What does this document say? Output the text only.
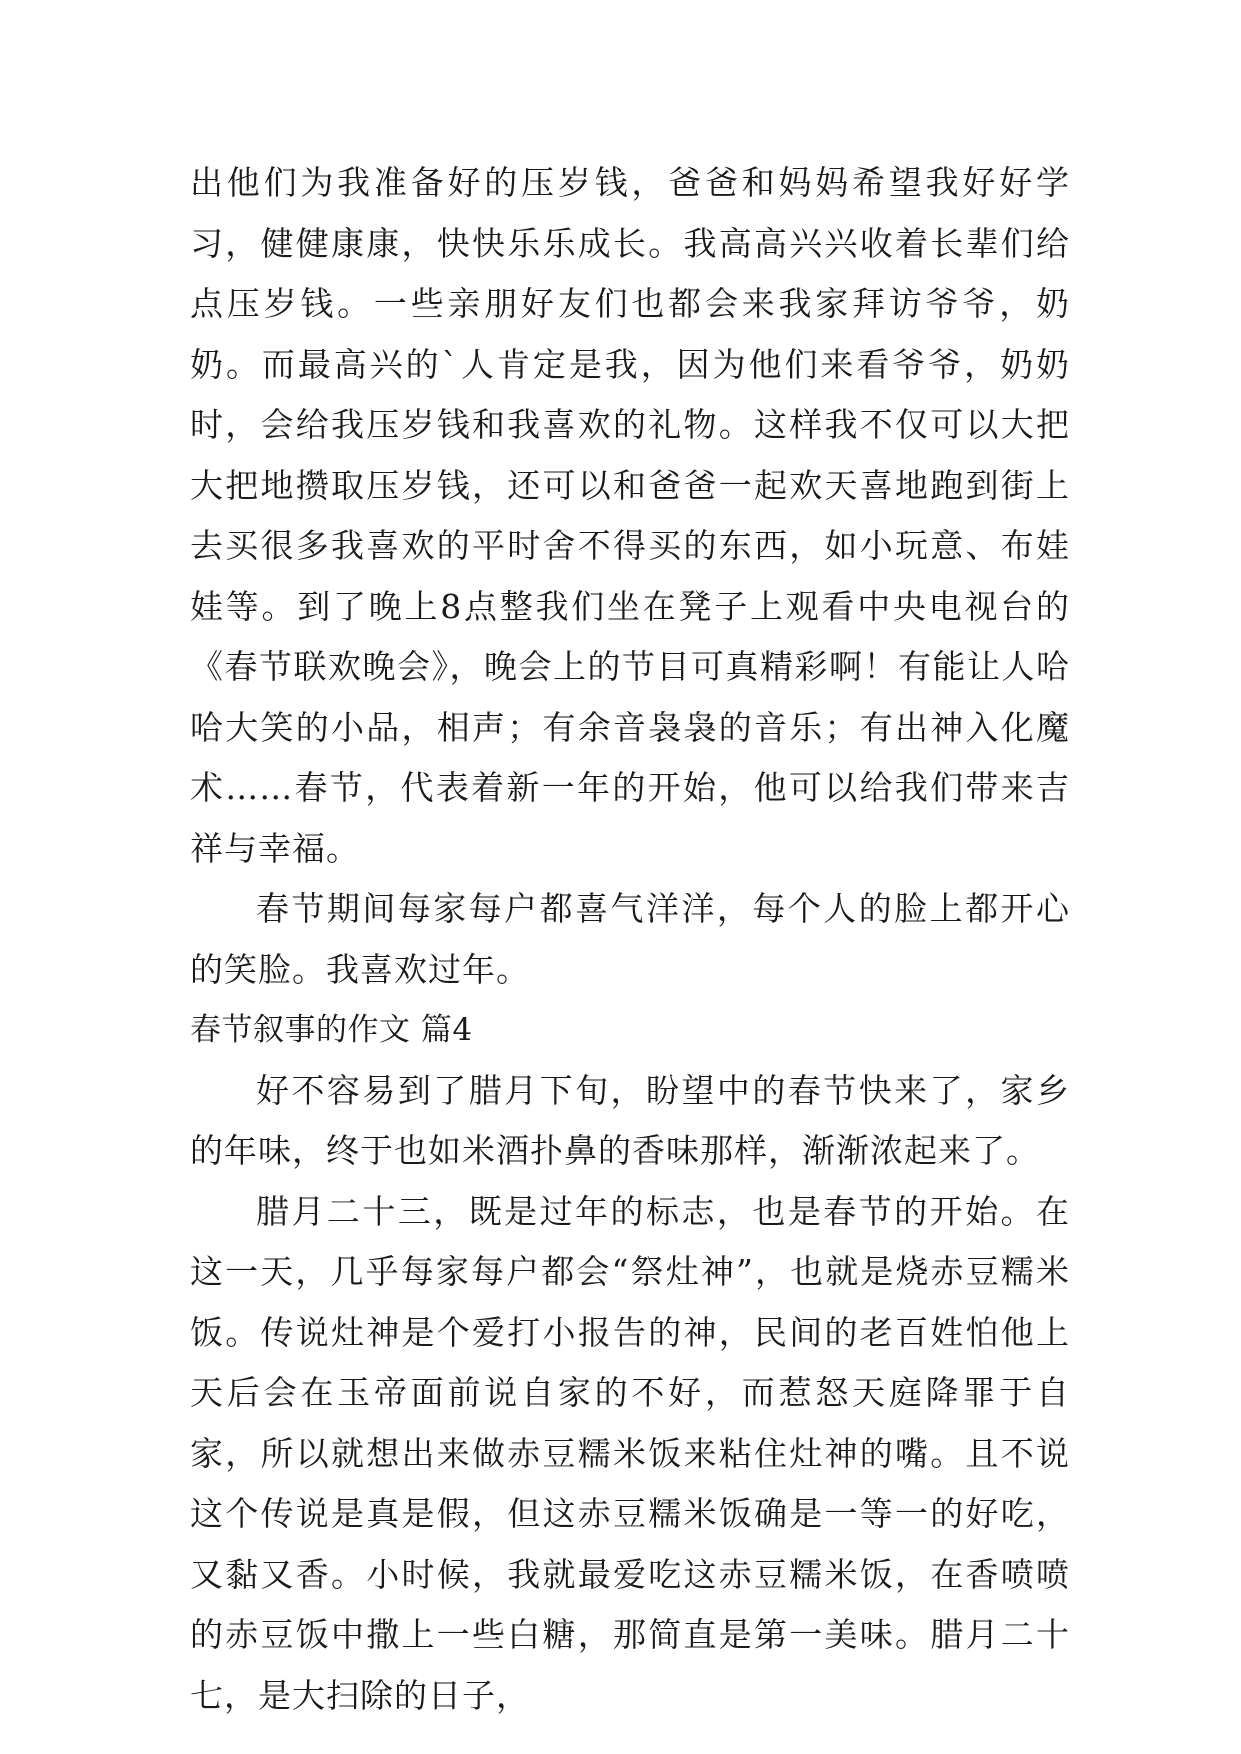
出他们为我准备好的压岁钱，爸爸和妈妈希望我好好学习，健健康康，快快乐乐成长。我高高兴兴收着长辈们给点压岁钱。一些亲朋好友们也都会来我家拜访爷爷，奶奶。而最高兴的`人肯定是我，因为他们来看爷爷，奶奶时，会给我压岁钱和我喜欢的礼物。这样我不仅可以大把大把地攒取压岁钱，还可以和爸爸一起欢天喜地跑到街上去买很多我喜欢的平时舍不得买的东西，如小玩意、布娃娃等。到了晚上8点整我们坐在凳子上观看中央电视台的《春节联欢晚会》，晚会上的节目可真精彩啊！有能让人哈哈大笑的小品，相声；有余音袅袅的音乐；有出神入化魔术……春节，代表着新一年的开始，他可以给我们带来吉祥与幸福。

春节期间每家每户都喜气洋洋，每个人的脸上都开心的笑脸。我喜欢过年。

春节叙事的作文 篇4

好不容易到了腊月下旬，盼望中的春节快来了，家乡的年味，终于也如米酒扑鼻的香味那样，渐渐浓起来了。

腊月二十三，既是过年的标志，也是春节的开始。在这一天，几乎每家每户都会“祭灶神”，也就是烧赤豆糯米饭。传说灶神是个爱打小报告的神，民间的老百姓怕他上天后会在玉帝面前说自家的不好，而惹怒天庭降罪于自家，所以就想出来做赤豆糯米饭来粘住灶神的嘴。且不说这个传说是真是假，但这赤豆糯米饭确是一等一的好吃，又黏又香。小时候，我就最爱吃这赤豆糯米饭，在香喷喷的赤豆饭中撒上一些白糖，那简直是第一美味。腊月二十七，是大扫除的日子，
